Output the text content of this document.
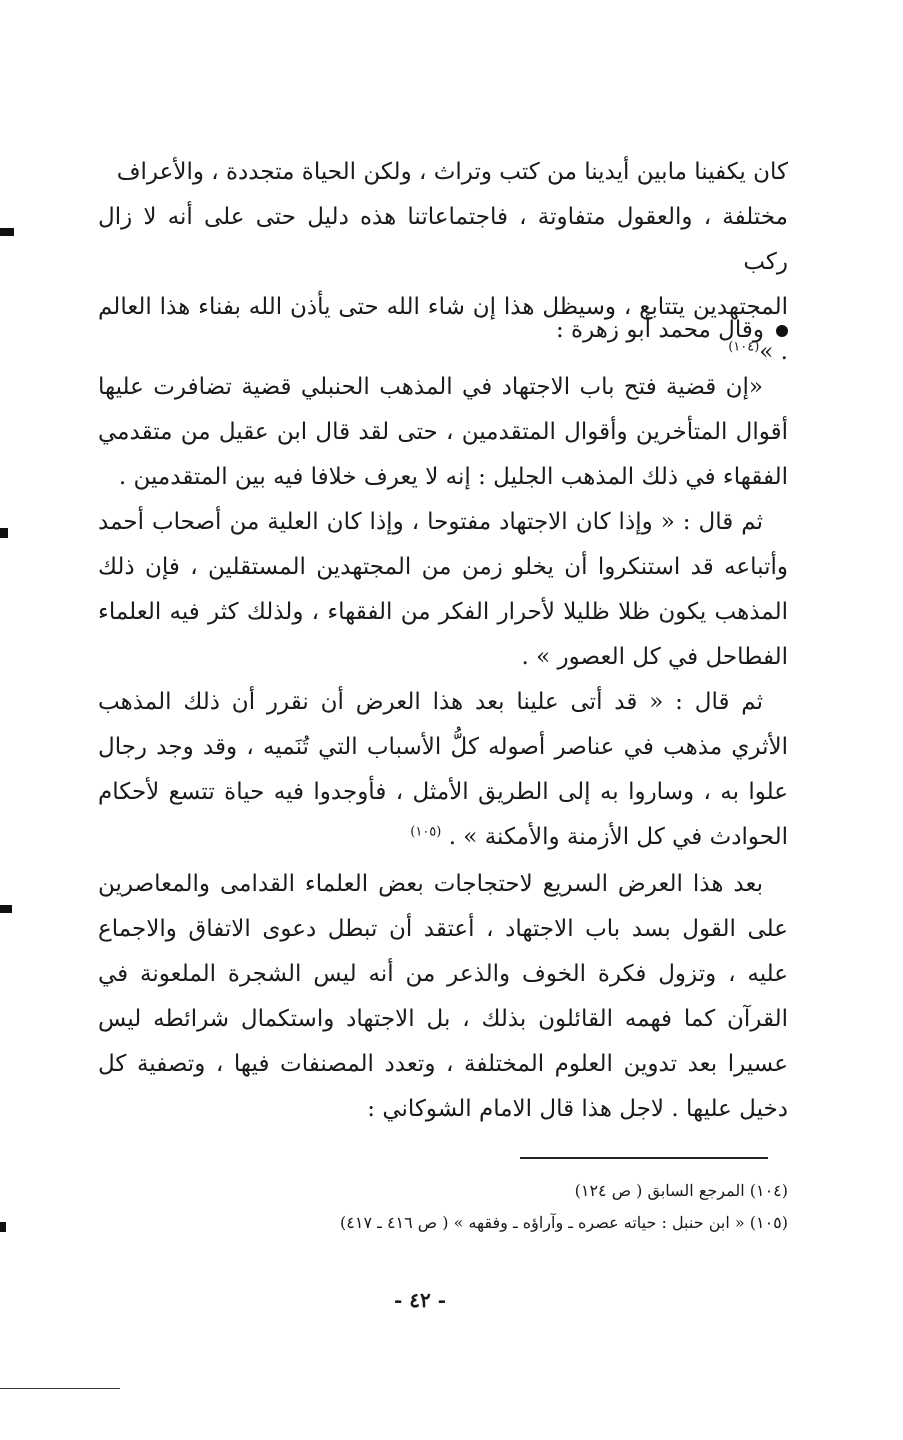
كان يكفينا مابين أيدينا من كتب وتراث ، ولكن الحياة متجددة ، والأعراف

مختلفة ، والعقول متفاوتة ، فاجتماعاتنا هذه دليل حتى على أنه لا زال ركب

المجتهدين يتتابع ، وسيظل هذا إن شاء الله حتى يأذن الله بفناء هذا العالم . »$^{(١٠٤)}$

وقال محمد أبو زهرة :

«إن قضية فتح باب الاجتهاد في المذهب الحنبلي قضية تضافرت عليها أقوال المتأخرين وأقوال المتقدمين ، حتى لقد قال ابن عقيل من متقدمي الفقهاء في ذلك المذهب الجليل : إنه لا يعرف خلافا فيه بين المتقدمين .

ثم قال : « وإذا كان الاجتهاد مفتوحا ، وإذا كان العلية من أصحاب أحمد وأتباعه قد استنكروا أن يخلو زمن من المجتهدين المستقلين ، فإن ذلك المذهب يكون ظلا ظليلا لأحرار الفكر من الفقهاء ، ولذلك كثر فيه العلماء الفطاحل في كل العصور » .

ثم قال : « قد أتى علينا بعد هذا العرض أن نقرر أن ذلك المذهب الأثري مذهب في عناصر أصوله كلُّ الأسباب التي تُنَميه ، وقد وجد رجال علوا به ، وساروا به إلى الطريق الأمثل ، فأوجدوا فيه حياة تتسع لأحكام الحوادث في كل الأزمنة والأمكنة » . $^{(١٠٥)}$

بعد هذا العرض السريع لاحتجاجات بعض العلماء القدامى والمعاصرين على القول بسد باب الاجتهاد ، أعتقد أن تبطل دعوى الاتفاق والاجماع عليه ، وتزول فكرة الخوف والذعر من أنه ليس الشجرة الملعونة في القرآن كما فهمه القائلون بذلك ، بل الاجتهاد واستكمال شرائطه ليس عسيرا بعد تدوين العلوم المختلفة ، وتعدد المصنفات فيها ، وتصفية كل دخيل عليها . لاجل هذا قال الامام الشوكاني :

(١٠٤) المرجع السابق ( ص ١٢٤)

(١٠٥) « ابن حنبل : حياته عصره ـ وآراؤه ـ وفقهه » ( ص ٤١٦ ـ ٤١٧)

- ٤٢ -
